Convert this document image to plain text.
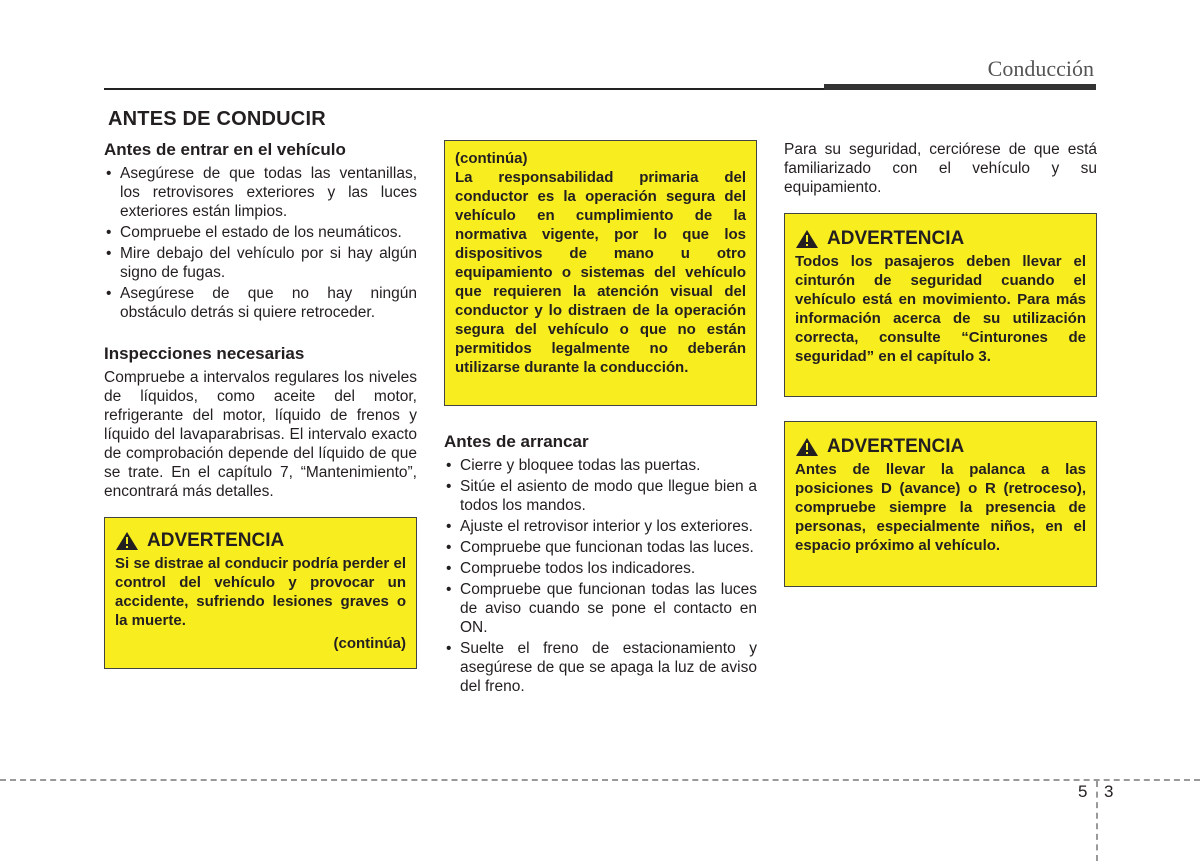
Conducción
ANTES DE CONDUCIR
Antes de entrar en el vehículo
• Asegúrese de que todas las ventanillas, los retrovisores exteriores y las luces exteriores están limpios.
• Compruebe el estado de los neumáticos.
• Mire debajo del vehículo por si hay algún signo de fugas.
• Asegúrese de que no hay ningún obstáculo detrás si quiere retroceder.
Inspecciones necesarias

Compruebe a intervalos regulares los niveles de líquidos, como aceite del motor, refrigerante del motor, líquido de frenos y líquido del lavaparabrisas. El intervalo exacto de comprobación depende del líquido de que se trate. En el capítulo 7, “Mantenimiento”, encontrará más detalles.

ADVERTENCIA
Si se distrae al conducir podría perder el control del vehículo y provocar un accidente, sufriendo lesiones graves o la muerte.
(continúa)
(continúa)
La responsabilidad primaria del conductor es la operación segura del vehículo en cumplimiento de la normativa vigente, por lo que los dispositivos de mano u otro equipamiento o sistemas del vehículo que requieren la atención visual del conductor y lo distraen de la operación segura del vehículo o que no están permitidos legalmente no deberán utilizarse durante la conducción.
Antes de arrancar
• Cierre y bloquee todas las puertas.
• Sitúe el asiento de modo que llegue bien a todos los mandos.
• Ajuste el retrovisor interior y los exteriores.
• Compruebe que funcionan todas las luces.
• Compruebe todos los indicadores.
• Compruebe que funcionan todas las luces de aviso cuando se pone el contacto en ON.
• Suelte el freno de estacionamiento y asegúrese de que se apaga la luz de aviso del freno.

Para su seguridad, cerciórese de que está familiarizado con el vehículo y su equipamiento.

ADVERTENCIA
Todos los pasajeros deben llevar el cinturón de seguridad cuando el vehículo está en movimiento. Para más información acerca de su utilización correcta, consulte “Cinturones de seguridad” en el capítulo 3.
ADVERTENCIA
Antes de llevar la palanca a las posiciones D (avance) o R (retroceso), compruebe siempre la presencia de personas, especialmente niños, en el espacio próximo al vehículo.
5 3
